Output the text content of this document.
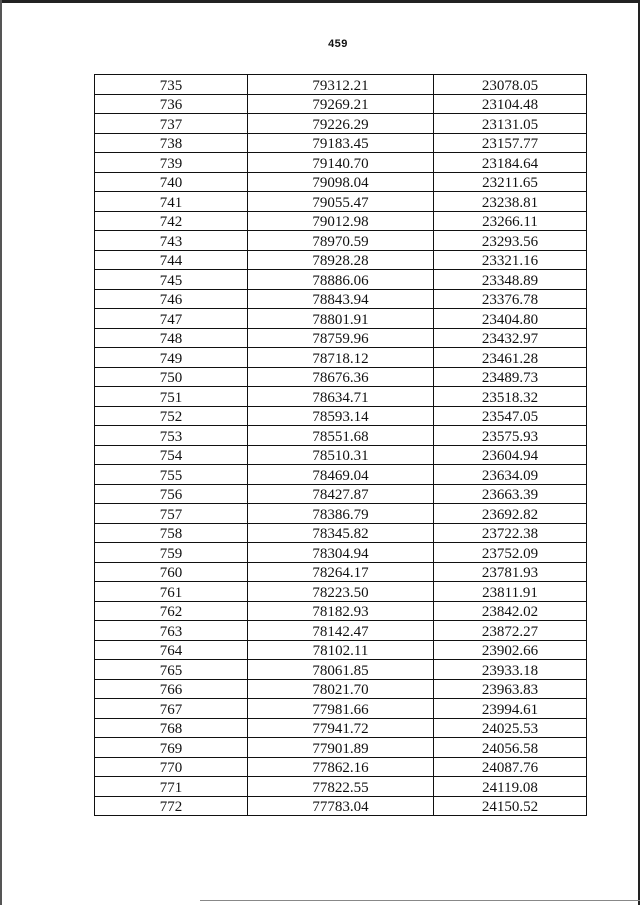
459
735	79312.21	23078.05
736	79269.21	23104.48
737	79226.29	23131.05
738	79183.45	23157.77
739	79140.70	23184.64
740	79098.04	23211.65
741	79055.47	23238.81
742	79012.98	23266.11
743	78970.59	23293.56
744	78928.28	23321.16
745	78886.06	23348.89
746	78843.94	23376.78
747	78801.91	23404.80
748	78759.96	23432.97
749	78718.12	23461.28
750	78676.36	23489.73
751	78634.71	23518.32
752	78593.14	23547.05
753	78551.68	23575.93
754	78510.31	23604.94
755	78469.04	23634.09
756	78427.87	23663.39
757	78386.79	23692.82
758	78345.82	23722.38
759	78304.94	23752.09
760	78264.17	23781.93
761	78223.50	23811.91
762	78182.93	23842.02
763	78142.47	23872.27
764	78102.11	23902.66
765	78061.85	23933.18
766	78021.70	23963.83
767	77981.66	23994.61
768	77941.72	24025.53
769	77901.89	24056.58
770	77862.16	24087.76
771	77822.55	24119.08
772	77783.04	24150.52
